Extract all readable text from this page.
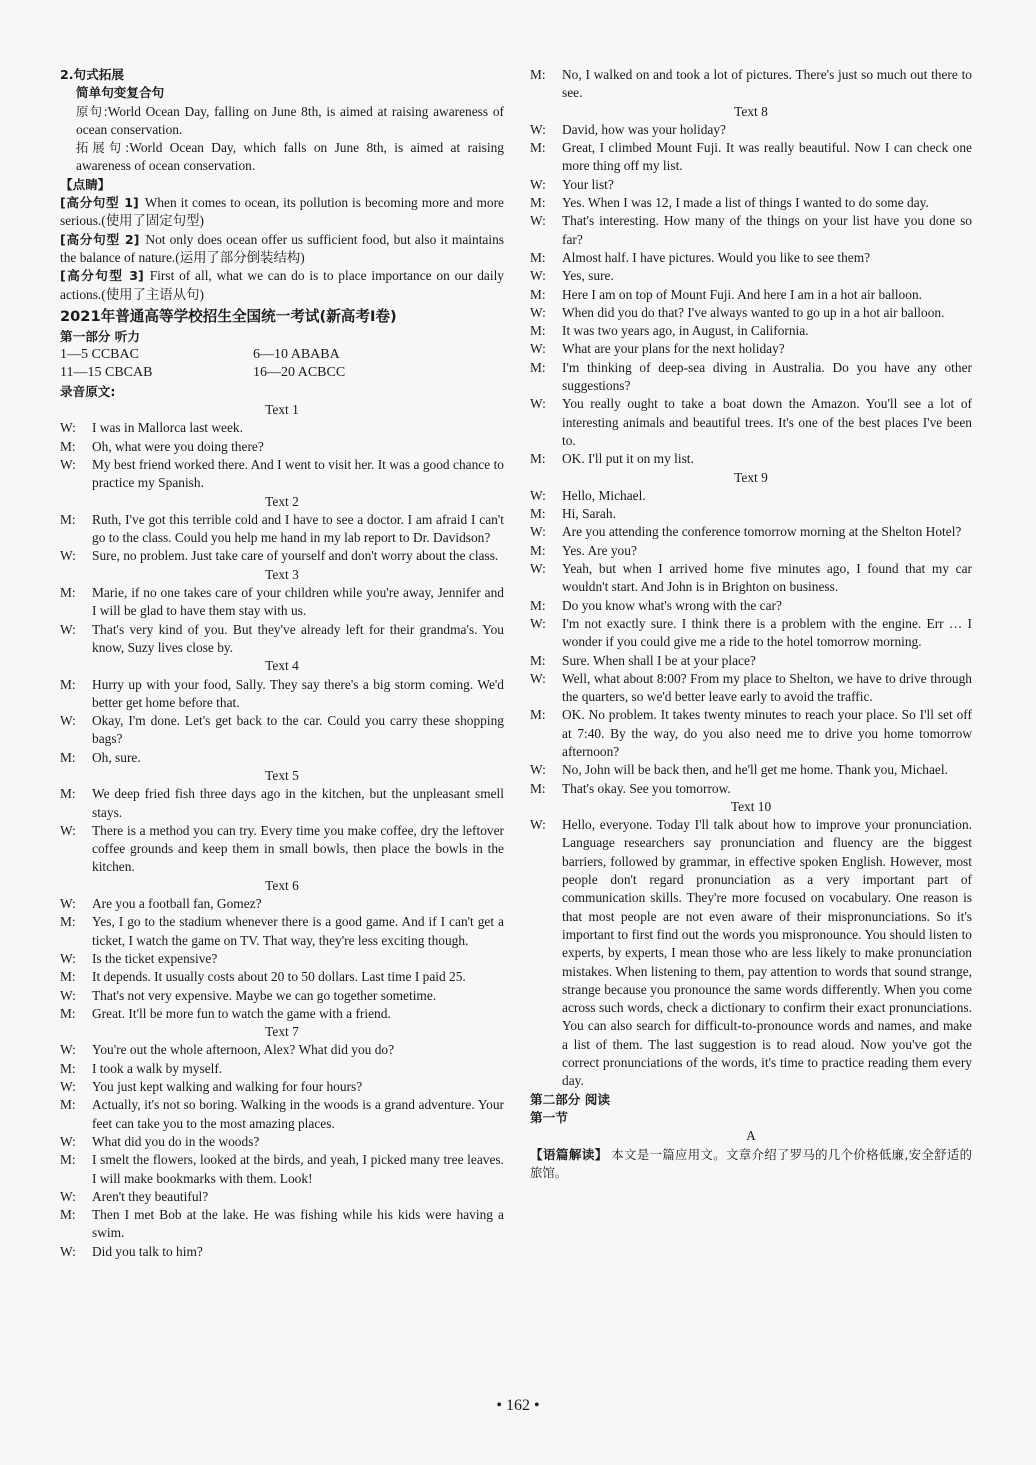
2.句式拓展

简单句变复合句

原句:World Ocean Day, falling on June 8th, is aimed at raising awareness of ocean conservation.

拓展句:World Ocean Day, which falls on June 8th, is aimed at raising awareness of ocean conservation.

【点睛】

[高分句型 1] When it comes to ocean, its pollution is becoming more and more serious.(使用了固定句型)

[高分句型 2] Not only does ocean offer us sufficient food, but also it maintains the balance of nature.(运用了部分倒装结构)

[高分句型 3] First of all, what we can do is to place importance on our daily actions.(使用了主语从句)

2021年普通高等学校招生全国统一考试(新高考Ⅰ卷)

第一部分 听力

1—5 CCBAC	6—10 ABABA
11—15 CBCAB	16—20 ACBCC

录音原文:

Text 1

W:	I was in Mallorca last week.
M:	Oh, what were you doing there?
W:	My best friend worked there. And I went to visit her. It was a good chance to practice my Spanish.

Text 2

M:	Ruth, I've got this terrible cold and I have to see a doctor. I am afraid I can't go to the class. Could you help me hand in my lab report to Dr. Davidson?
W:	Sure, no problem. Just take care of yourself and don't worry about the class.

Text 3

M:	Marie, if no one takes care of your children while you're away, Jennifer and I will be glad to have them stay with us.
W:	That's very kind of you. But they've already left for their grandma's. You know, Suzy lives close by.

Text 4

M:	Hurry up with your food, Sally. They say there's a big storm coming. We'd better get home before that.
W:	Okay, I'm done. Let's get back to the car. Could you carry these shopping bags?
M:	Oh, sure.

Text 5

M:	We deep fried fish three days ago in the kitchen, but the unpleasant smell stays.
W:	There is a method you can try. Every time you make coffee, dry the leftover coffee grounds and keep them in small bowls, then place the bowls in the kitchen.

Text 6

W:	Are you a football fan, Gomez?
M:	Yes, I go to the stadium whenever there is a good game. And if I can't get a ticket, I watch the game on TV. That way, they're less exciting though.
W:	Is the ticket expensive?
M:	It depends. It usually costs about 20 to 50 dollars. Last time I paid 25.
W:	That's not very expensive. Maybe we can go together sometime.
M:	Great. It'll be more fun to watch the game with a friend.

Text 7

W:	You're out the whole afternoon, Alex? What did you do?
M:	I took a walk by myself.
W:	You just kept walking and walking for four hours?
M:	Actually, it's not so boring. Walking in the woods is a grand adventure. Your feet can take you to the most amazing places.
W:	What did you do in the woods?
M:	I smelt the flowers, looked at the birds, and yeah, I picked many tree leaves. I will make bookmarks with them. Look!
W:	Aren't they beautiful?
M:	Then I met Bob at the lake. He was fishing while his kids were having a swim.
W:	Did you talk to him?
M:	No, I walked on and took a lot of pictures. There's just so much out there to see.

Text 8

W:	David, how was your holiday?
M:	Great, I climbed Mount Fuji. It was really beautiful. Now I can check one more thing off my list.
W:	Your list?
M:	Yes. When I was 12, I made a list of things I wanted to do some day.
W:	That's interesting. How many of the things on your list have you done so far?
M:	Almost half. I have pictures. Would you like to see them?
W:	Yes, sure.
M:	Here I am on top of Mount Fuji. And here I am in a hot air balloon.
W:	When did you do that? I've always wanted to go up in a hot air balloon.
M:	It was two years ago, in August, in California.
W:	What are your plans for the next holiday?
M:	I'm thinking of deep-sea diving in Australia. Do you have any other suggestions?
W:	You really ought to take a boat down the Amazon. You'll see a lot of interesting animals and beautiful trees. It's one of the best places I've been to.
M:	OK. I'll put it on my list.

Text 9

W:	Hello, Michael.
M:	Hi, Sarah.
W:	Are you attending the conference tomorrow morning at the Shelton Hotel?
M:	Yes. Are you?
W:	Yeah, but when I arrived home five minutes ago, I found that my car wouldn't start. And John is in Brighton on business.
M:	Do you know what's wrong with the car?
W:	I'm not exactly sure. I think there is a problem with the engine. Err … I wonder if you could give me a ride to the hotel tomorrow morning.
M:	Sure. When shall I be at your place?
W:	Well, what about 8:00? From my place to Shelton, we have to drive through the quarters, so we'd better leave early to avoid the traffic.
M:	OK. No problem. It takes twenty minutes to reach your place. So I'll set off at 7:40. By the way, do you also need me to drive you home tomorrow afternoon?
W:	No, John will be back then, and he'll get me home. Thank you, Michael.
M:	That's okay. See you tomorrow.

Text 10

W:	Hello, everyone. Today I'll talk about how to improve your pronunciation. Language researchers say pronunciation and fluency are the biggest barriers, followed by grammar, in effective spoken English. However, most people don't regard pronunciation as a very important part of communication skills. They're more focused on vocabulary. One reason is that most people are not even aware of their mispronunciations. So it's important to first find out the words you mispronounce. You should listen to experts, by experts, I mean those who are less likely to make pronunciation mistakes. When listening to them, pay attention to words that sound strange, strange because you pronounce the same words differently. When you come across such words, check a dictionary to confirm their exact pronunciations. You can also search for difficult-to-pronounce words and names, and make a list of them. The last suggestion is to read aloud. Now you've got the correct pronunciations of the words, it's time to practice reading them every day.

第二部分 阅读

第一节

A

【语篇解读】 本文是一篇应用文。文章介绍了罗马的几个价格低廉,安全舒适的旅馆。

• 162 •
